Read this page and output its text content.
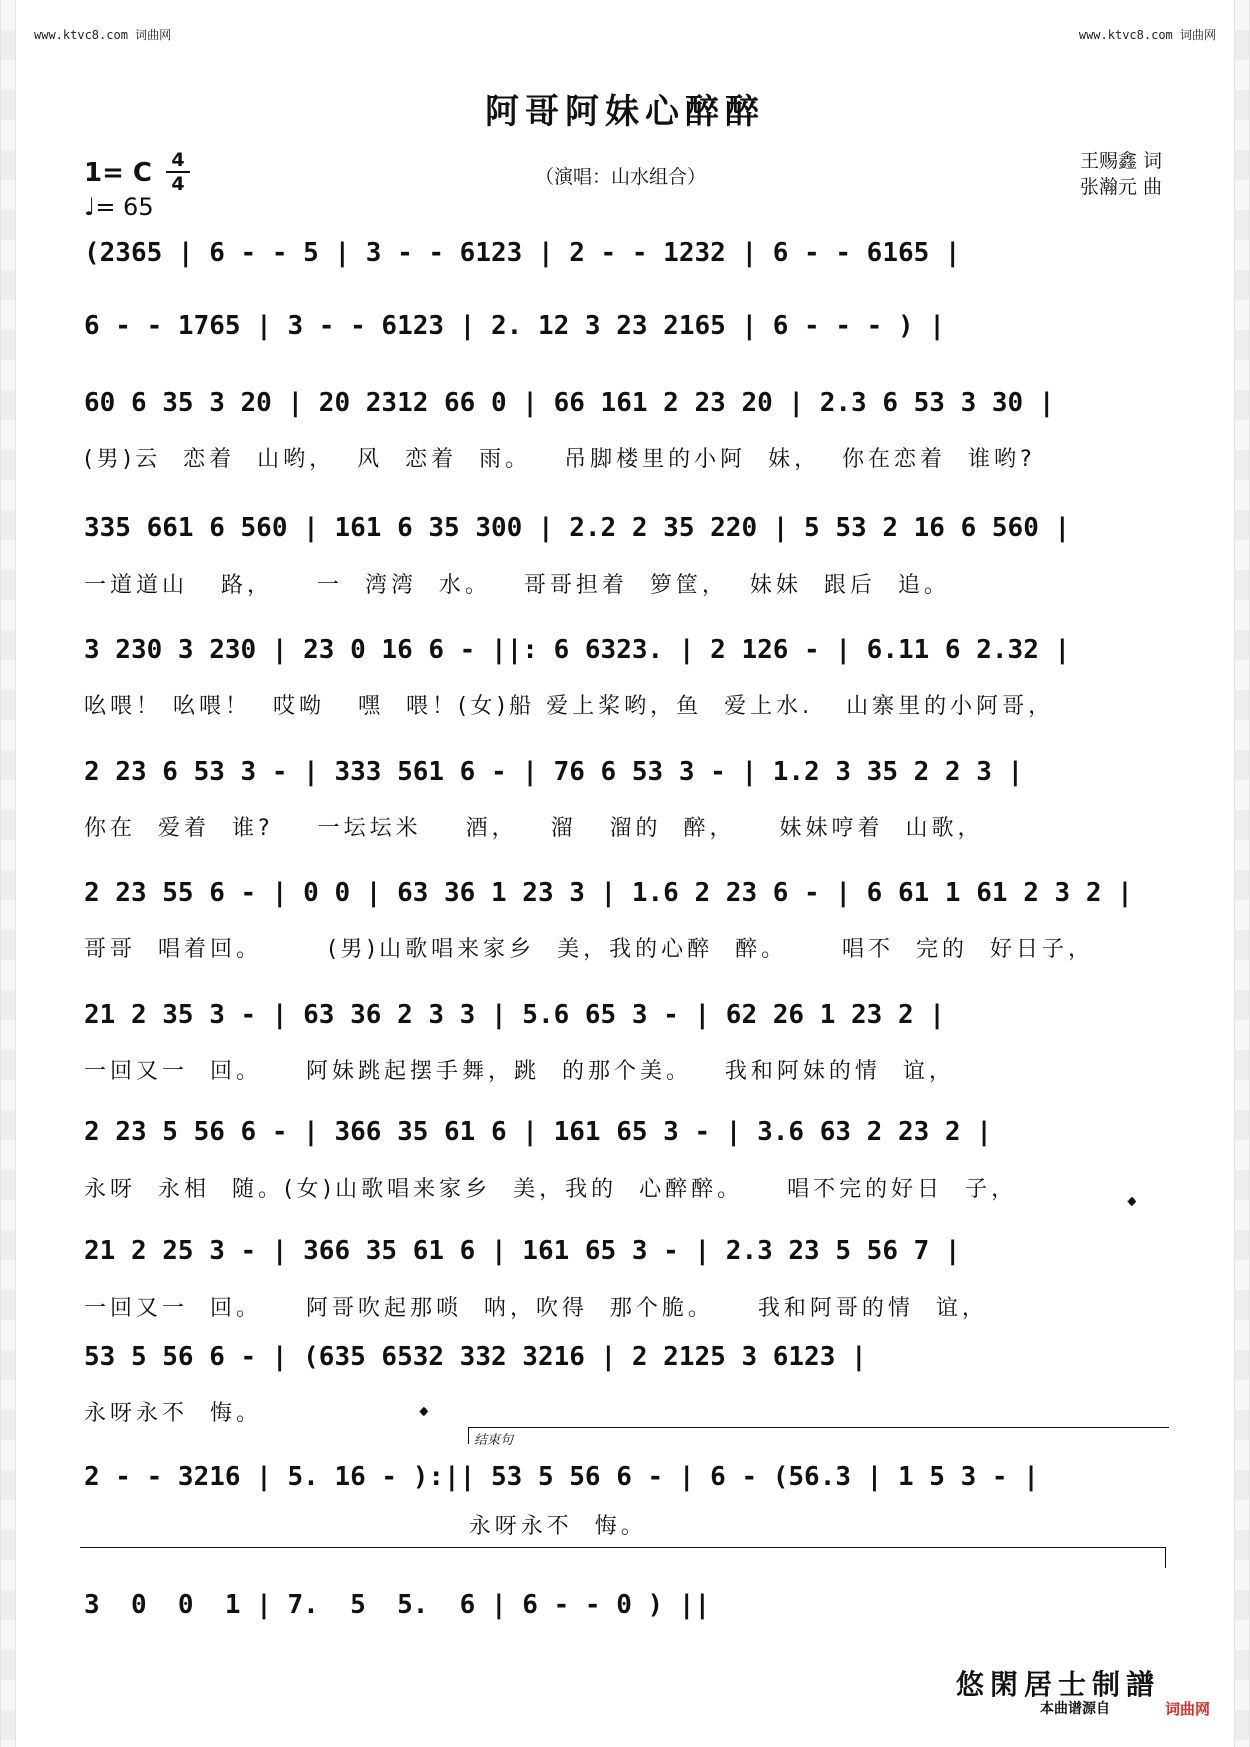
www.ktvc8.com 词曲网	www.ktvc8.com 词曲网
阿哥阿妹心醉醉
1= C 4
4
♩= 65
（演唱：山水组合）
王赐鑫 词
张瀚元 曲
(2365 | 6 - - 5 | 3 - - 6123 | 2 - - 1232 | 6 - - 6165 |
6 - - 1765 | 3 - - 6123 | 2. 12 3 23 2165 | 6 - - - ) |
60 6 35 3 20 | 20 2312 66 0 | 66 161 2 23 20 | 2.3 6 53 3 30 |
(男)云  恋着  山哟，  风  恋着  雨。   吊脚楼里的小阿  妹，  你在恋着  谁哟?
335 661 6 560 | 161 6 35 300 | 2.2 2 35 220 | 5 53 2 16 6 560 |
一道道山   路，    一  湾湾  水。   哥哥担着  箩筐，  妹妹  跟后  追。
3 230 3 230 | 23 0 16 6 - ||: 6 6323. | 2 126 - | 6.11 6 2.32 |
吆喂！ 吆喂！  哎呦   嘿  喂！(女)船 爱上桨哟，鱼  爱上水.   山寨里的小阿哥，
2 23 6 53 3 - | 333 561 6 - | 76 6 53 3 - | 1.2 3 35 2 2 3 |
你在  爱着  谁?    一坛坛米    酒，   溜   溜的  醉，    妹妹哼着  山歌，
2 23 55 6 - | 0 0 | 63 36 1 23 3 | 1.6 2 23 6 - | 6 61 1 61 2 3 2 |
哥哥  唱着回。      (男)山歌唱来家乡  美，我的心醉  醉。     唱不  完的  好日子，
21 2 35 3 - | 63 36 2 3 3 | 5.6 65 3 - | 62 26 1 23 2 |
一回又一  回。    阿妹跳起摆手舞，跳  的那个美。   我和阿妹的情  谊，
2 23 5 56 6 - | 366 35 61 6 | 161 65 3 - | 3.6 63 2 23 2 |
永呀  永相  随。(女)山歌唱来家乡  美，我的  心醉醉。    唱不完的好日  子，
21 2 25 3 - | 366 35 61 6 | 161 65 3 - | 2.3 23 5 56 7 |
一回又一  回。    阿哥吹起那唢  呐，吹得  那个脆。    我和阿哥的情  谊，
53 5 56 6 - | (635 6532 332 3216 | 2 2125 3 6123 |
永呀永不  悔。
2 - - 3216 | 5. 16 - ):|| 53 5 56 6 - | 6 - (56.3 | 1 5 3 - |
永呀永不  悔。
3  0  0  1 | 7.  5  5.  6 | 6 - - 0 ) ||
𝄌
𝄌
结束句
悠閑居士制譜
本曲谱源自	词曲网
